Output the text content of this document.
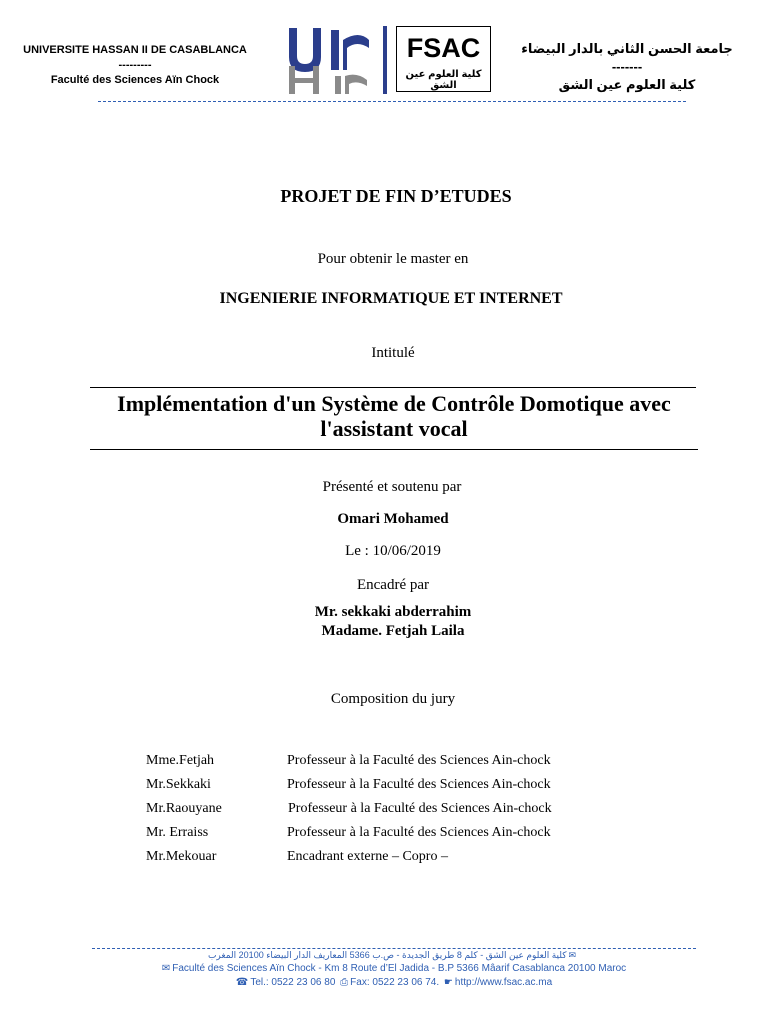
UNIVERSITE HASSAN II DE CASABLANCA
---------
Faculté des Sciences Aïn Chock
FSAC
كلية العلوم عين الشق
جامعة الحسن الثاني بالدار البيضاء
-------
كلية العلوم عين الشق
PROJET DE FIN D’ETUDES
Pour obtenir le master en
INGENIERIE INFORMATIQUE ET INTERNET
Intitulé
Implémentation d'un Système de Contrôle Domotique avec
l'assistant vocal
Présenté et soutenu par
Omari Mohamed
Le : 10/06/2019
Encadré par
Mr. sekkaki abderrahim
Madame. Fetjah Laila
Composition du jury
Mme.Fetjah	Professeur à la Faculté des Sciences Ain-chock
Mr.Sekkaki	Professeur à la Faculté des Sciences Ain-chock
Mr.Raouyane	Professeur à la Faculté des Sciences Ain-chock
Mr. Erraiss	Professeur à la Faculté des Sciences Ain-chock
Mr.Mekouar	Encadrant externe – Copro –
✉كلية العلوم عين الشق - كلم 8 طريق الجديدة - ص.ب 5366 المعاريف الدار البيضاء 20100 المغرب
✉ Faculté des Sciences Aïn Chock - Km 8 Route d’El Jadida - B.P 5366 Mâarif Casablanca 20100 Maroc
☎ Tel.: 0522 23 06 80 ⎙ Fax: 0522 23 06 74. ☛ http://www.fsac.ac.ma
